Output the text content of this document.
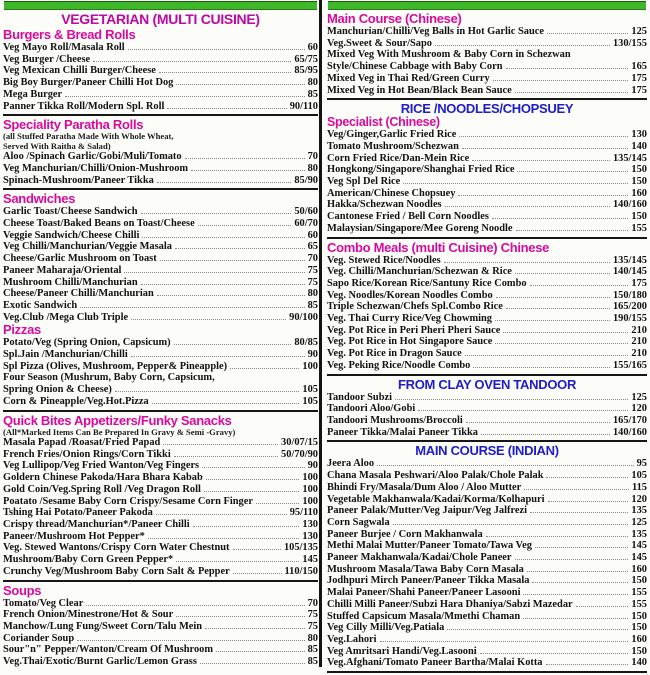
VEGETARIAN (MULTI CUISINE)
Burgers & Bread Rolls
Veg Mayo Roll/Masala Roll	60
Veg Burger /Cheese	65/75
Veg Mexican Chilli Burger/Cheese	85/95
Big Boy Burger/Paneer Chilli Hot Dog	80
Mega Burger	85
Panner Tikka Roll/Modern Spl. Roll	90/110
Speciality Paratha Rolls
(all Stuffed Paratha Made With Whole Wheat,
Served With Raitha & Salad)
Aloo /Spinach Garlic/Gobi/Muli/Tomato	70
Veg Manchurian/Chilli/Onion-Mushroom	80
Spinach-Mushroom/Paneer Tikka	85/90
Sandwiches
Garlic Toast/Cheese Sandwich	50/60
Cheese Toast/Baked Beans on Toast/Cheese	60/70
Veggie Sandwich/Cheese Chilli	60
Veg Chilli/Manchurian/Veggie Masala	65
Cheese/Garlic Mushroom on Toast	70
Paneer Maharaja/Oriental	75
Mushroom Chilli/Manchurian	75
Cheese/Paneer Chilli/Manchurian	80
Exotic Sandwich	85
Veg.Club /Mega Club Triple	90/100
Pizzas
Potato/Veg (Spring Onion, Capsicum)	80/85
Spl.Jain /Manchurian/Chilli	90
Spl Pizza (Olives, Mushroom, Pepper& Pineapple)	100
Four Season (Mushrum, Baby Corn, Capsicum,
Spring Onion & Cheese)	105
Corn & Pineapple/Veg.Hot.Pizza	105
Quick Bites Appetizers/Funky Sanacks
(All*Marked Items Can Be Prepared In Gravy & Semi -Gravy)
Masala Papad /Roasat/Fried Papad	30/07/15
French Fries/Onion Rings/Corn Tikki	50/70/90
Veg Lullipop/Veg Fried Wanton/Veg Fingers	90
Goldern Chinese Pakoda/Hara Bhara Kabab	100
Gold Coin/Veg.Spring Roll /Veg Dragon Roll	100
Poatato /Sesame Baby Corn Crispy/Sesame Corn Finger	100
Tshing Hai Potato/Paneer Pakoda	95/110
Crispy thread/Manchurian*/Paneer Chilli	130
Paneer/Mushroom Hot Pepper*	130
Veg. Stewed Wantons/Crispy Corn Water Chestnut	105/135
Mushroom/Baby Corn Green Pepper*	145
Crunchy Veg/Mushroom Baby Corn Salt & Pepper	110/150
Soups
Tomato/Veg Clear	70
French Onion/Minestrone/Hot & Sour	75
Manchow/Lung Fung/Sweet Corn/Talu Mein	75
Coriander Soup	80
Sour"n" Pepper/Wanton/Cream Of Mushroom	85
Veg.Thai/Exotic/Burnt Garlic/Lemon Grass	85
Main Course (Chinese)
Manchurian/Chilli/Veg Balls in Hot Garlic Sauce	125
Veg.Sweet & Sour/Sapo	130/155
Mixed Veg With Mushroom & Baby Corn in Schezwan
Style/Chinese Cabbage with Baby Corn	165
Mixed Veg in Thai Red/Green Curry	175
Mixed Veg in Hot Bean/Black Bean Sauce	175
RICE /NOODLES/CHOPSUEY
Specialist (Chinese)
Veg/Ginger,Garlic Fried Rice	130
Tomato Mushroom/Schezwan	140
Corn Fried Rice/Dan-Mein Rice	135/145
Hongkong/Singapore/Shanghai Fried Rice	150
Veg Spl Del Rice	150
American/Chinese Chopsuey	160
Hakka/Schezwan Noodles	140/160
Cantonese Fried / Bell Corn Noodles	150
Malaysian/Singapore/Mee Goreng Noodle	155
Combo Meals (multi Cuisine) Chinese
Veg. Stewed Rice/Noodles	135/145
Veg. Chilli/Manchurian/Schezwan & Rice	140/145
Sapo Rice/Korean Rice/Santuny Rice Combo	175
Veg. Noodles/Korean Noodles Combo	150/180
Triple Schezwan/Chefs Spl.Combo Rice	165/200
Veg. Thai Curry Rice/Veg Chowming	190/155
Veg. Pot Rice in Peri Pheri Pheri Sauce	210
Veg. Pot Rice in Hot Singapore Sauce	210
Veg. Pot Rice in Dragon Sauce	210
Veg. Peking Rice/Noodle Combo	155/165
FROM CLAY OVEN TANDOOR
Tandoor Subzi	125
Tandoori Aloo/Gobi	120
Tandoori Mushrooms/Broccoli	165/170
Paneer Tikka/Malai Paneer Tikka	140/160
MAIN COURSE (INDIAN)
Jeera Aloo	95
Chana Masala Peshwari/Aloo Palak/Chole Palak	105
Bhindi Fry/Masala/Dum Aloo / Aloo Mutter	115
Vegetable Makhanwala/Kadai/Korma/Kolhapuri	120
Paneer Palak/Mutter/Veg Jaipur/Veg Jalfrezi	135
Corn Sagwala	125
Paneer Burjee / Corn Makhanwala	135
Methi Malai Mutter/Paneer Tomato/Tawa Veg	145
Paneer Makhanwala/Kadai/Chole Paneer	145
Mushroom Masala/Tawa Baby Corn Masala	160
Jodhpuri Mirch Paneer/Paneer Tikka Masala	150
Malai Paneer/Shahi Paneer/Paneer Lasooni	155
Chilli Milli Paneer/Subzi Hara Dhaniya/Sabzi Mazedar	155
Stuffed Capsicum Masala/Mmethi Chaman	150
Veg Cilly Milli/Veg.Patiala	150
Veg.Lahori	160
Veg Amritsari Handi/Veg.Lasooni	150
Veg.Afghani/Tomato Paneer Bartha/Malai Kotta	140
